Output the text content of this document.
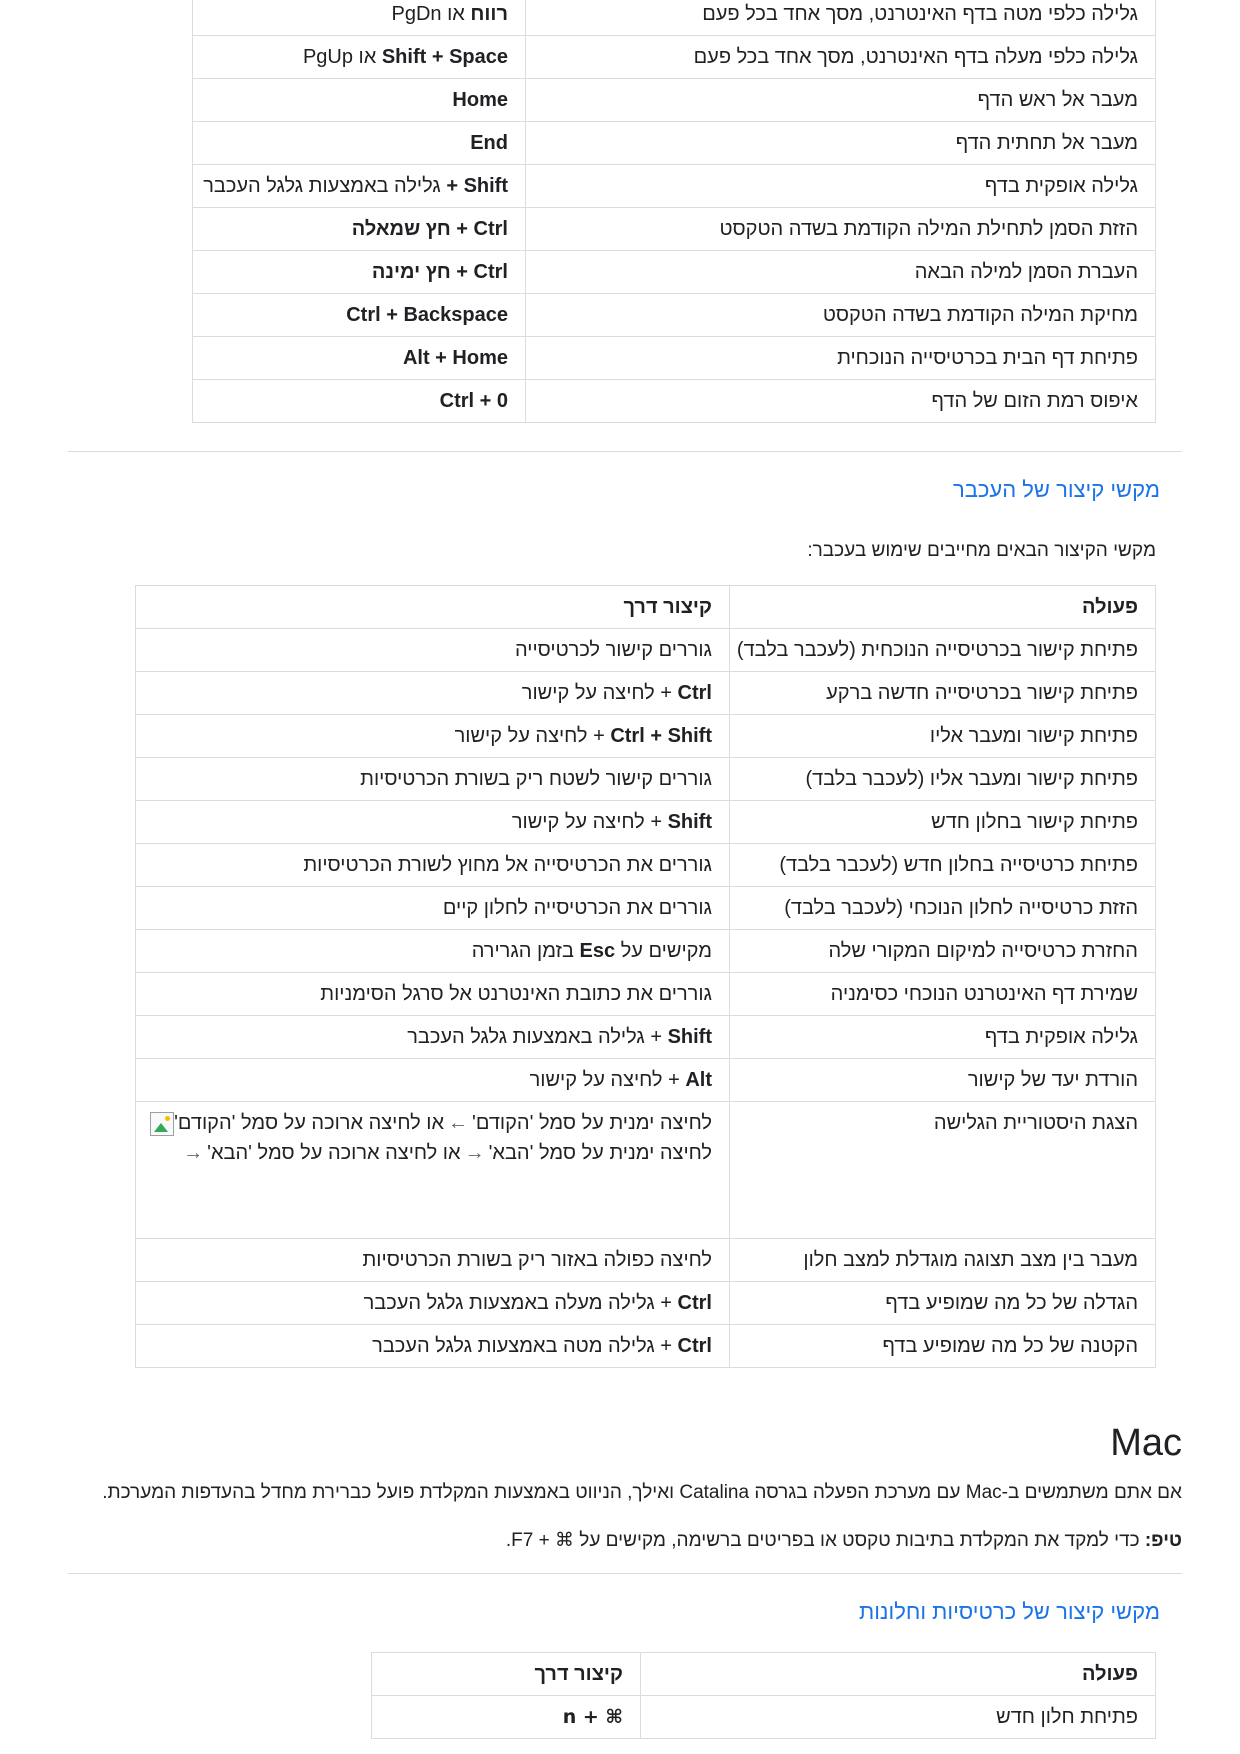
גלילה כלפי מטה בדף האינטרנט, מסך אחד בכל פעם	רווח או PgDn
גלילה כלפי מעלה בדף האינטרנט, מסך אחד בכל פעם	Shift + Space או PgUp
מעבר אל ראש הדף	Home
מעבר אל תחתית הדף	End
גלילה אופקית בדף	Shift + גלילה באמצעות גלגל העכבר
הזזת הסמן לתחילת המילה הקודמת בשדה הטקסט	Ctrl + חץ שמאלה
העברת הסמן למילה הבאה	Ctrl + חץ ימינה
מחיקת המילה הקודמת בשדה הטקסט	Ctrl + Backspace
פתיחת דף הבית בכרטיסייה הנוכחית	Alt + Home
איפוס רמת הזום של הדף	Ctrl + 0
מקשי קיצור של העכבר
מקשי הקיצור הבאים מחייבים שימוש בעכבר:
פעולה	קיצור דרך
פתיחת קישור בכרטיסייה הנוכחית (לעכבר בלבד)	גוררים קישור לכרטיסייה
פתיחת קישור בכרטיסייה חדשה ברקע	Ctrl + לחיצה על קישור
פתיחת קישור ומעבר אליו	Ctrl + Shift + לחיצה על קישור
פתיחת קישור ומעבר אליו (לעכבר בלבד)	גוררים קישור לשטח ריק בשורת הכרטיסיות
פתיחת קישור בחלון חדש	Shift + לחיצה על קישור
פתיחת כרטיסייה בחלון חדש (לעכבר בלבד)	גוררים את הכרטיסייה אל מחוץ לשורת הכרטיסיות
הזזת כרטיסייה לחלון הנוכחי (לעכבר בלבד)	גוררים את הכרטיסייה לחלון קיים
החזרת כרטיסייה למיקום המקורי שלה	מקישים על Esc בזמן הגרירה
שמירת דף האינטרנט הנוכחי כסימניה	גוררים את כתובת האינטרנט אל סרגל הסימניות
גלילה אופקית בדף	Shift + גלילה באמצעות גלגל העכבר
הורדת יעד של קישור	Alt + לחיצה על קישור
הצגת היסטוריית הגלישה	לחיצה ימנית על סמל 'הקודם'←או לחיצה ארוכה על סמל 'הקודם'
לחיצה ימנית על סמל 'הבא'→או לחיצה ארוכה על סמל 'הבא'→

מעבר בין מצב תצוגה מוגדלת למצב חלון	לחיצה כפולה באזור ריק בשורת הכרטיסיות
הגדלה של כל מה שמופיע בדף	Ctrl + גלילה מעלה באמצעות גלגל העכבר
הקטנה של כל מה שמופיע בדף	Ctrl + גלילה מטה באמצעות גלגל העכבר
Mac
אם אתם משתמשים ב-Mac עם מערכת הפעלה בגרסה Catalina ואילך, הניווט באמצעות המקלדת פועל כברירת מחדל בהעדפות המערכת.
טיפ: כדי למקד את המקלדת בתיבות טקסט או בפריטים ברשימה, מקישים על ⌘ + F7.
מקשי קיצור של כרטיסיות וחלונות
פעולה	קיצור דרך
פתיחת חלון חדש	⌘ + n
